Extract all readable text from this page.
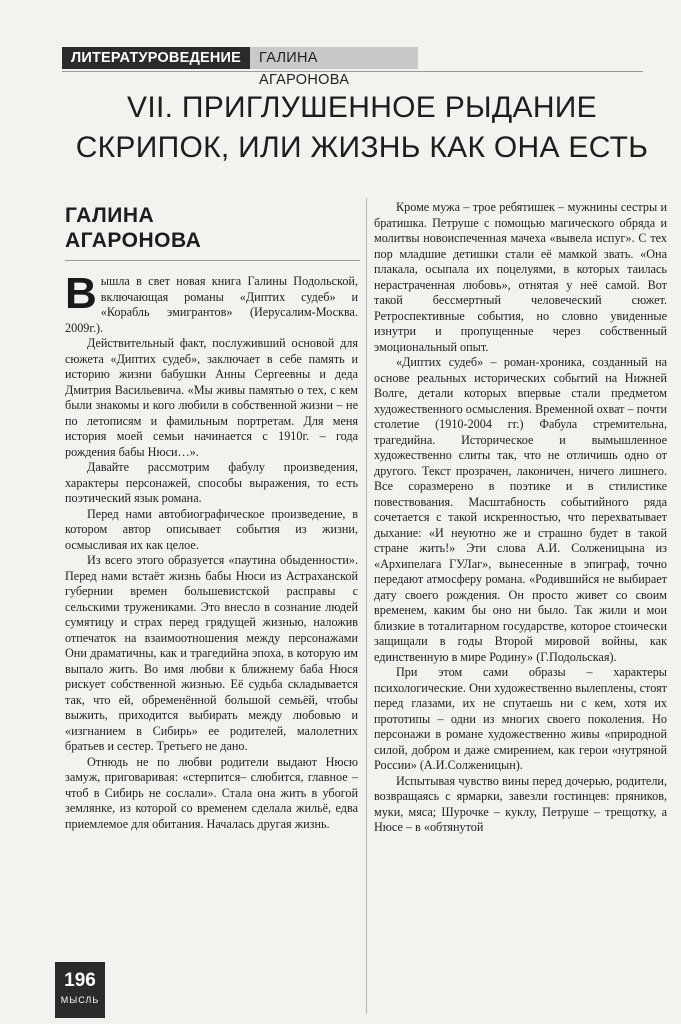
ЛИТЕРАТУРОВЕДЕНИЕ	ГАЛИНА АГАРОНОВА
VII. ПРИГЛУШЕННОЕ РЫДАНИЕ
СКРИПОК, ИЛИ ЖИЗНЬ КАК ОНА ЕСТЬ
ГАЛИНА
АГАРОНОВА

Вышла в свет новая книга Галины Подольской, включающая романы «Диптих судеб» и «Корабль эмигрантов» (Иерусалим-Москва. 2009г.).

Действительный факт, послуживший основой для сюжета «Диптих судеб», заключает в себе память и историю жизни бабушки Анны Сергеевны и деда Дмитрия Васильевича. «Мы живы памятью о тех, с кем были знакомы и кого любили в собственной жизни – не по летописям и фамильным портретам. Для меня история моей семьи начинается с 1910г. – года рождения бабы Нюси…».

Давайте рассмотрим фабулу произведения, характеры персонажей, способы выражения, то есть поэтический язык романа.

Перед нами автобиографическое произведение, в котором автор описывает события из жизни, осмысливая их как целое.

Из всего этого образуется «паутина обыденности». Перед нами встаёт жизнь бабы Нюси из Астраханской губернии времен большевистской расправы с сельскими тружениками. Это внесло в сознание людей сумятицу и страх перед грядущей жизнью, наложив отпечаток на взаимоотношения между персонажами Они драматичны, как и трагедийна эпоха, в которую им выпало жить. Во имя любви к ближнему баба Нюся рискует собственной жизнью. Её судьба складывается так, что ей, обременённой большой семьёй, чтобы выжить, приходится выбирать между любовью и «изгнанием в Сибирь» ее родителей, малолетних братьев и сестер. Третьего не дано.

Отнюдь не по любви родители выдают Нюсю замуж, приговаривая: «стерпится– слюбится, главное – чтоб в Сибирь не сослали». Стала она жить в убогой землянке, из которой со временем сделала жильё, едва приемлемое для обитания. Началась другая жизнь.

Кроме мужа – трое ребятишек – мужнины сестры и братишка. Петруше с помощью магического обряда и молитвы новоиспеченная мачеха «вывела испуг». С тех пор младшие детишки стали её мамкой звать. «Она плакала, осыпала их поцелуями, в которых таилась нерастраченная любовь», отнятая у неё самой. Вот такой бессмертный человеческий сюжет. Ретроспективные события, но словно увиденные изнутри и пропущенные через собственный эмоциональный опыт.

«Диптих судеб» – роман-хроника, созданный на основе реальных исторических событий на Нижней Волге, детали которых впервые стали предметом художественного осмысления. Временной охват – почти столетие (1910-2004 гг.) Фабула стремительна, трагедийна. Историческое и вымышленное художественно слиты так, что не отличишь одно от другого. Текст прозрачен, лаконичен, ничего лишнего. Все соразмерено в поэтике и в стилистике повествования. Масштабность событийного ряда сочетается с такой искренностью, что перехватывает дыхание: «И неуютно же и страшно будет в такой стране жить!» Эти слова А.И. Солженицына из «Архипелага ГУЛаг», вынесенные в эпиграф, точно передают атмосферу романа. «Родившийся не выбирает дату своего рождения. Он просто живет со своим временем, каким бы оно ни было. Так жили и мои близкие в тоталитарном государстве, которое стоически защищали в годы Второй мировой войны, как единственную в мире Родину» (Г.Подольская).

При этом сами образы – характеры психологические. Они художественно вылеплены, стоят перед глазами, их не спутаешь ни с кем, хотя их прототипы – одни из многих своего поколения. Но персонажи в романе художественно живы «природной силой, добром и даже смирением, как герои «нутряной России» (А.И.Солженицын).

Испытывая чувство вины перед дочерью, родители, возвращаясь с ярмарки, завезли гостинцев: пряников, муки, мяса; Шурочке – куклу, Петруше – трещотку, а Нюсе – в «обтянутой

196
МЫСЛЬ
